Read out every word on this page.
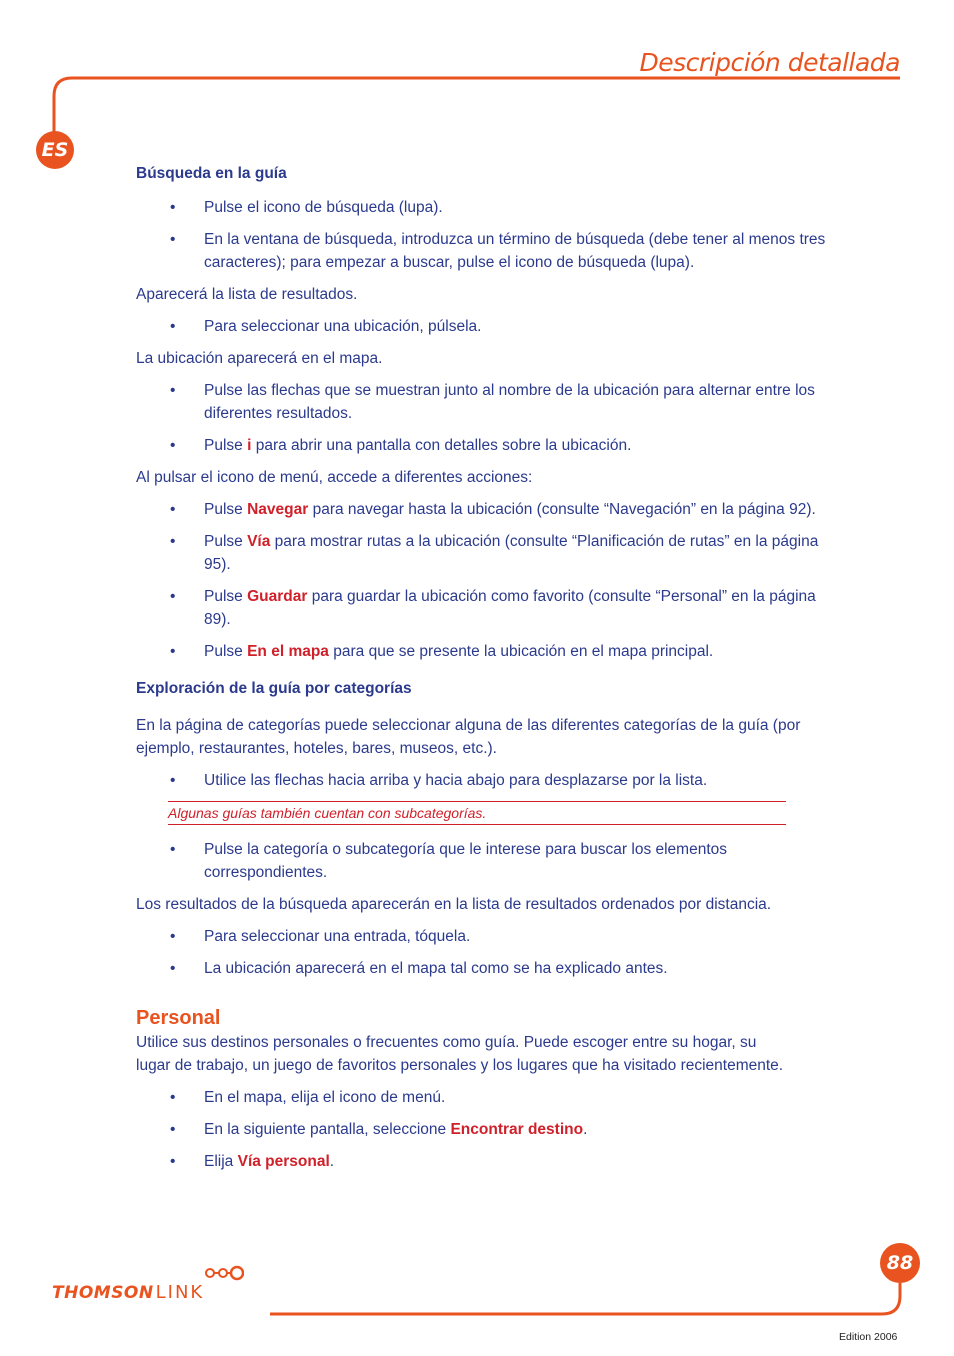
Descripción detallada
ES
Búsqueda en la guía
• Pulse el icono de búsqueda (lupa).
• En la ventana de búsqueda, introduzca un término de búsqueda (debe tener al menos tres caracteres); para empezar a buscar, pulse el icono de búsqueda (lupa).

Aparecerá la lista de resultados.

• Para seleccionar una ubicación, púlsela.

La ubicación aparecerá en el mapa.

• Pulse las flechas que se muestran junto al nombre de la ubicación para alternar entre los diferentes resultados.
• Pulse i para abrir una pantalla con detalles sobre la ubicación.

Al pulsar el icono de menú, accede a diferentes acciones:

• Pulse Navegar para navegar hasta la ubicación (consulte “Navegación” en la página 92).
• Pulse Vía para mostrar rutas a la ubicación (consulte “Planificación de rutas” en la página 95).
• Pulse Guardar para guardar la ubicación como favorito (consulte “Personal” en la página 89).
• Pulse En el mapa para que se presente la ubicación en el mapa principal.
Exploración de la guía por categorías

En la página de categorías puede seleccionar alguna de las diferentes categorías de la guía (por ejemplo, restaurantes, hoteles, bares, museos, etc.).

• Utilice las flechas hacia arriba y hacia abajo para desplazarse por la lista.
Algunas guías también cuentan con subcategorías.
• Pulse la categoría o subcategoría que le interese para buscar los elementos correspondientes.

Los resultados de la búsqueda aparecerán en la lista de resultados ordenados por distancia.

• Para seleccionar una entrada, tóquela.
• La ubicación aparecerá en el mapa tal como se ha explicado antes.
Personal

Utilice sus destinos personales o frecuentes como guía. Puede escoger entre su hogar, su lugar de trabajo, un juego de favoritos personales y los lugares que ha visitado recientemente.

• En el mapa, elija el icono de menú.
• En la siguiente pantalla, seleccione Encontrar destino.
• Elija Vía personal.
88
THOMSON LINK
Edition 2006
